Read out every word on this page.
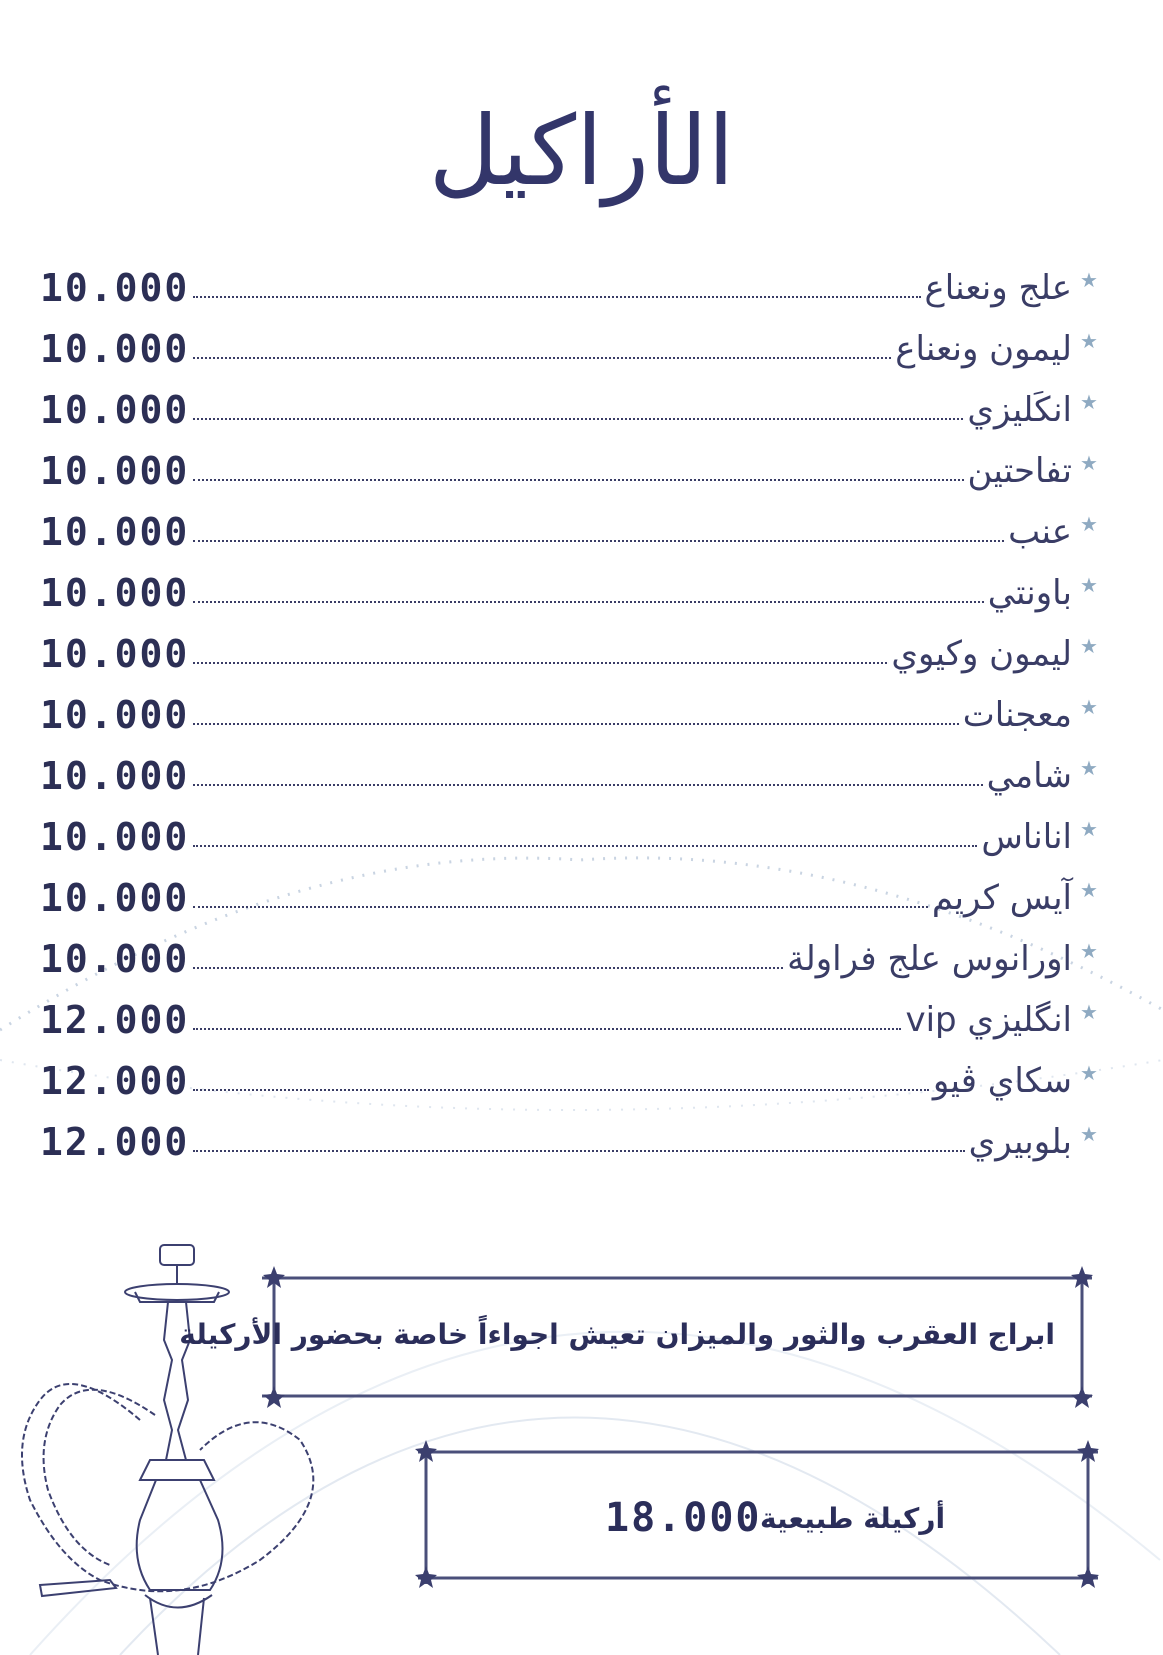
الأراكيل
★
علج ونعناع
10.000
★
ليمون ونعناع
10.000
★
انكَليزي
10.000
★
تفاحتين
10.000
★
عنب
10.000
★
باونتي
10.000
★
ليمون وكيوي
10.000
★
معجنات
10.000
★
شامي
10.000
★
اناناس
10.000
★
آيس كريم
10.000
★
اورانوس علج فراولة
10.000
★
انگليزي vip
12.000
★
سكاي ڤيو
12.000
★
بلوبيري
12.000
ابراج العقرب والثور والميزان تعيش اجواءاً خاصة بحضور الأركيلة
أركيلة طبيعية
18.000
